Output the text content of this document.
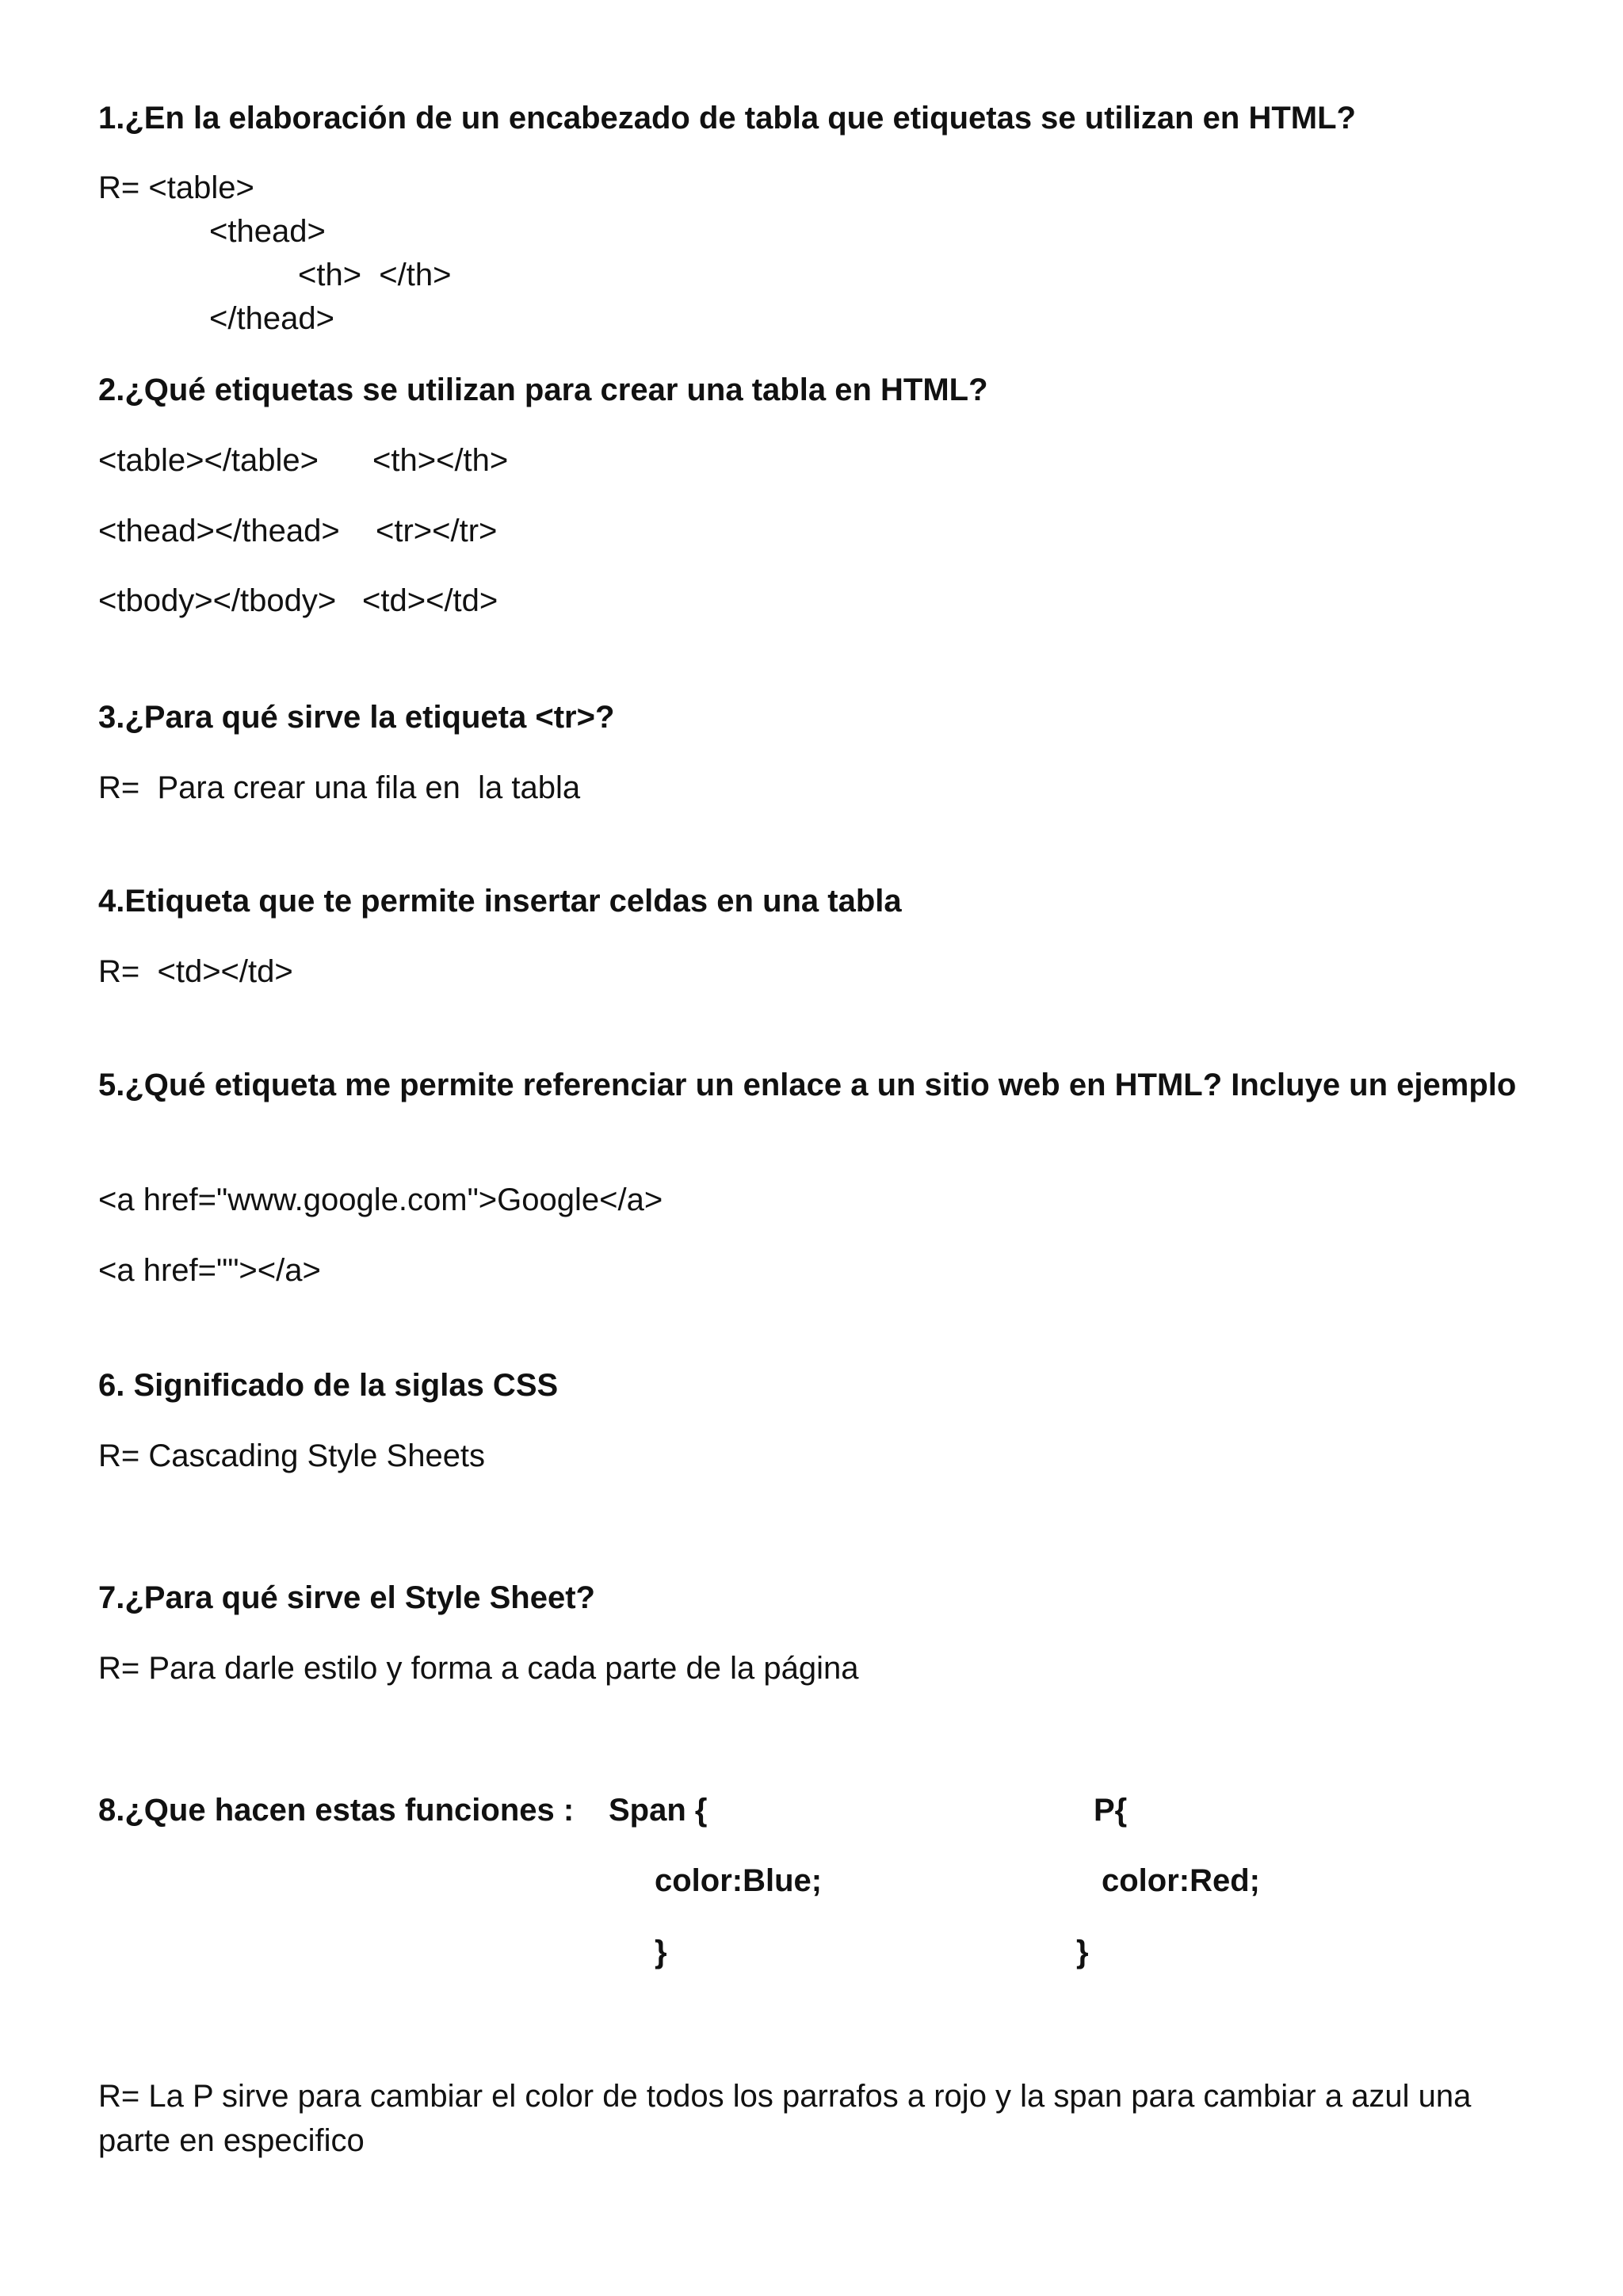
1.¿En la elaboración de un encabezado de tabla que etiquetas se utilizan en HTML?

R= <table>

<thead>

<th>  </th>

</thead>

2.¿Qué etiquetas se utilizan para crear una tabla en HTML?

<table></table> <th></th>

<thead></thead> <tr></tr>

<tbody></tbody> <td></td>

3.¿Para qué sirve la etiqueta <tr>?

R=  Para crear una fila en  la tabla

4.Etiqueta que te permite insertar celdas en una tabla

R=  <td></td>

5.¿Qué etiqueta me permite referenciar un enlace a un sitio web en HTML? Incluye un ejemplo

<a href="www.google.com">Google</a>

<a href=""></a>

6. Significado de la siglas CSS

R= Cascading Style Sheets

7.¿Para qué sirve el Style Sheet?

R= Para darle estilo y forma a cada parte de la página

8.¿Que hacen estas funciones : Span {	P{

color:Blue;	color:Red;

}	}

R= La P sirve para cambiar el color de todos los parrafos a rojo y la span para cambiar a azul una parte en especifico
